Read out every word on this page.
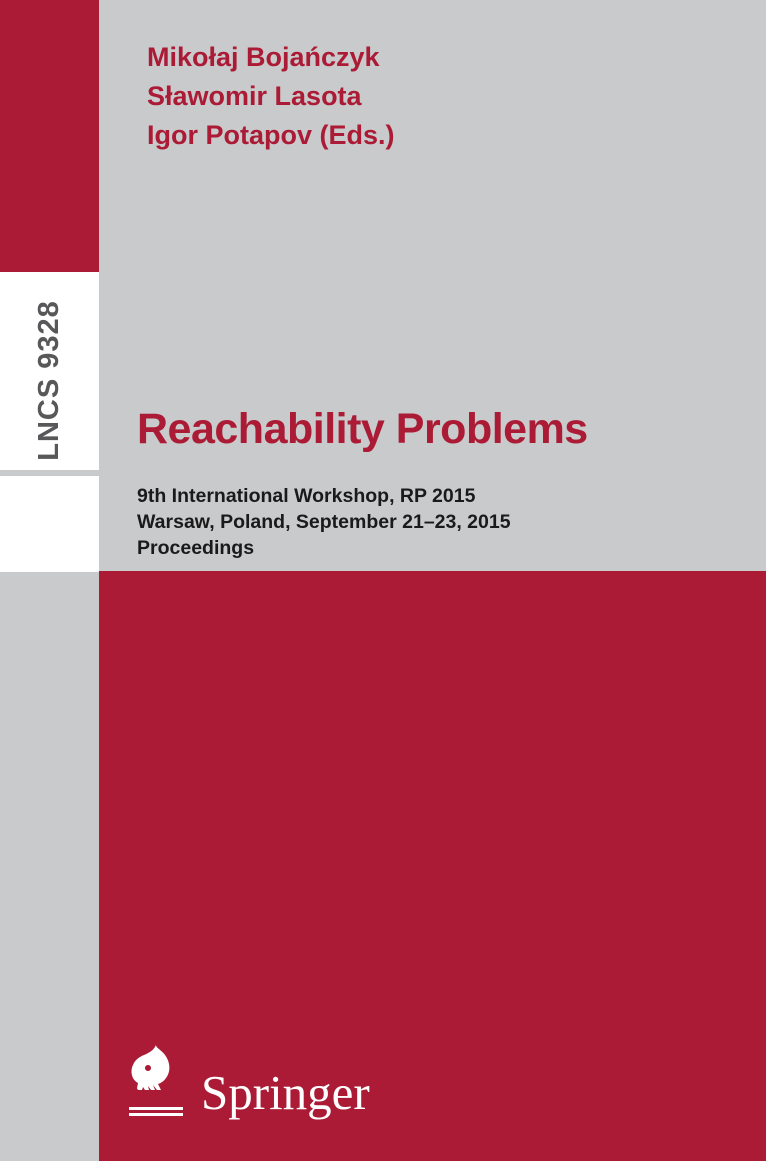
LNCS 9328
Mikołaj Bojańczyk
Sławomir Lasota
Igor Potapov (Eds.)
Reachability Problems
9th International Workshop, RP 2015
Warsaw, Poland, September 21–23, 2015
Proceedings
Springer
